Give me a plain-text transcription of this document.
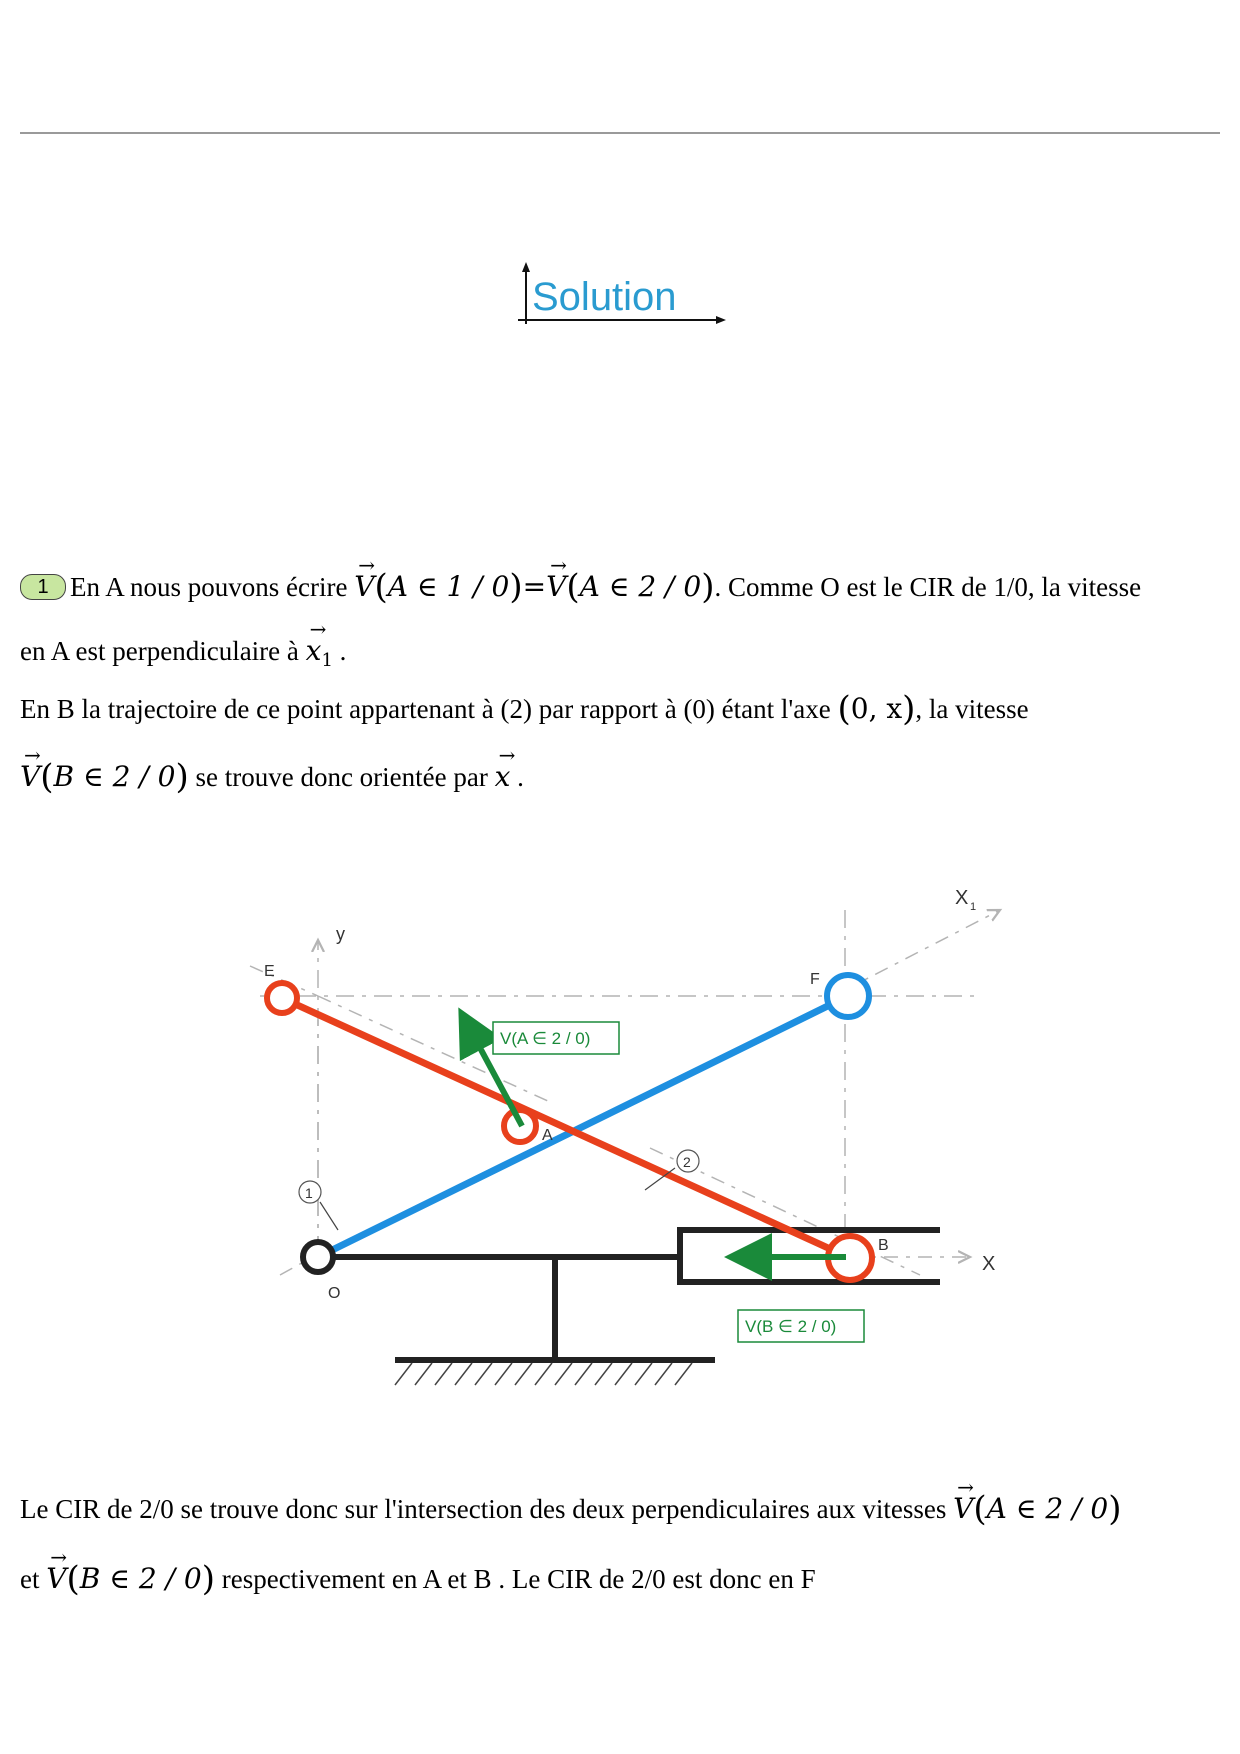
Solution
1 En A nous pouvons écrire → V(A ∈ 1 / 0)=→ V(A ∈ 2 / 0). Comme O est le CIR de 1/0, la vitesse
en A est perpendiculaire à → $x_1$ .
En B la trajectoire de ce point appartenant à (2) par rapport à (0) étant l'axe (0, x), la vitesse
→ V(B ∈ 2 / 0) se trouve donc orientée par → x .
y
X 1
X
E	F
A
B
O
1
2
V(A ∈ 2 / 0)
V(B ∈ 2 / 0)
Le CIR de 2/0 se trouve donc sur l'intersection des deux perpendiculaires aux vitesses → V(A ∈ 2 / 0)
et → V(B ∈ 2 / 0) respectivement en A et B . Le CIR de 2/0 est donc en F
